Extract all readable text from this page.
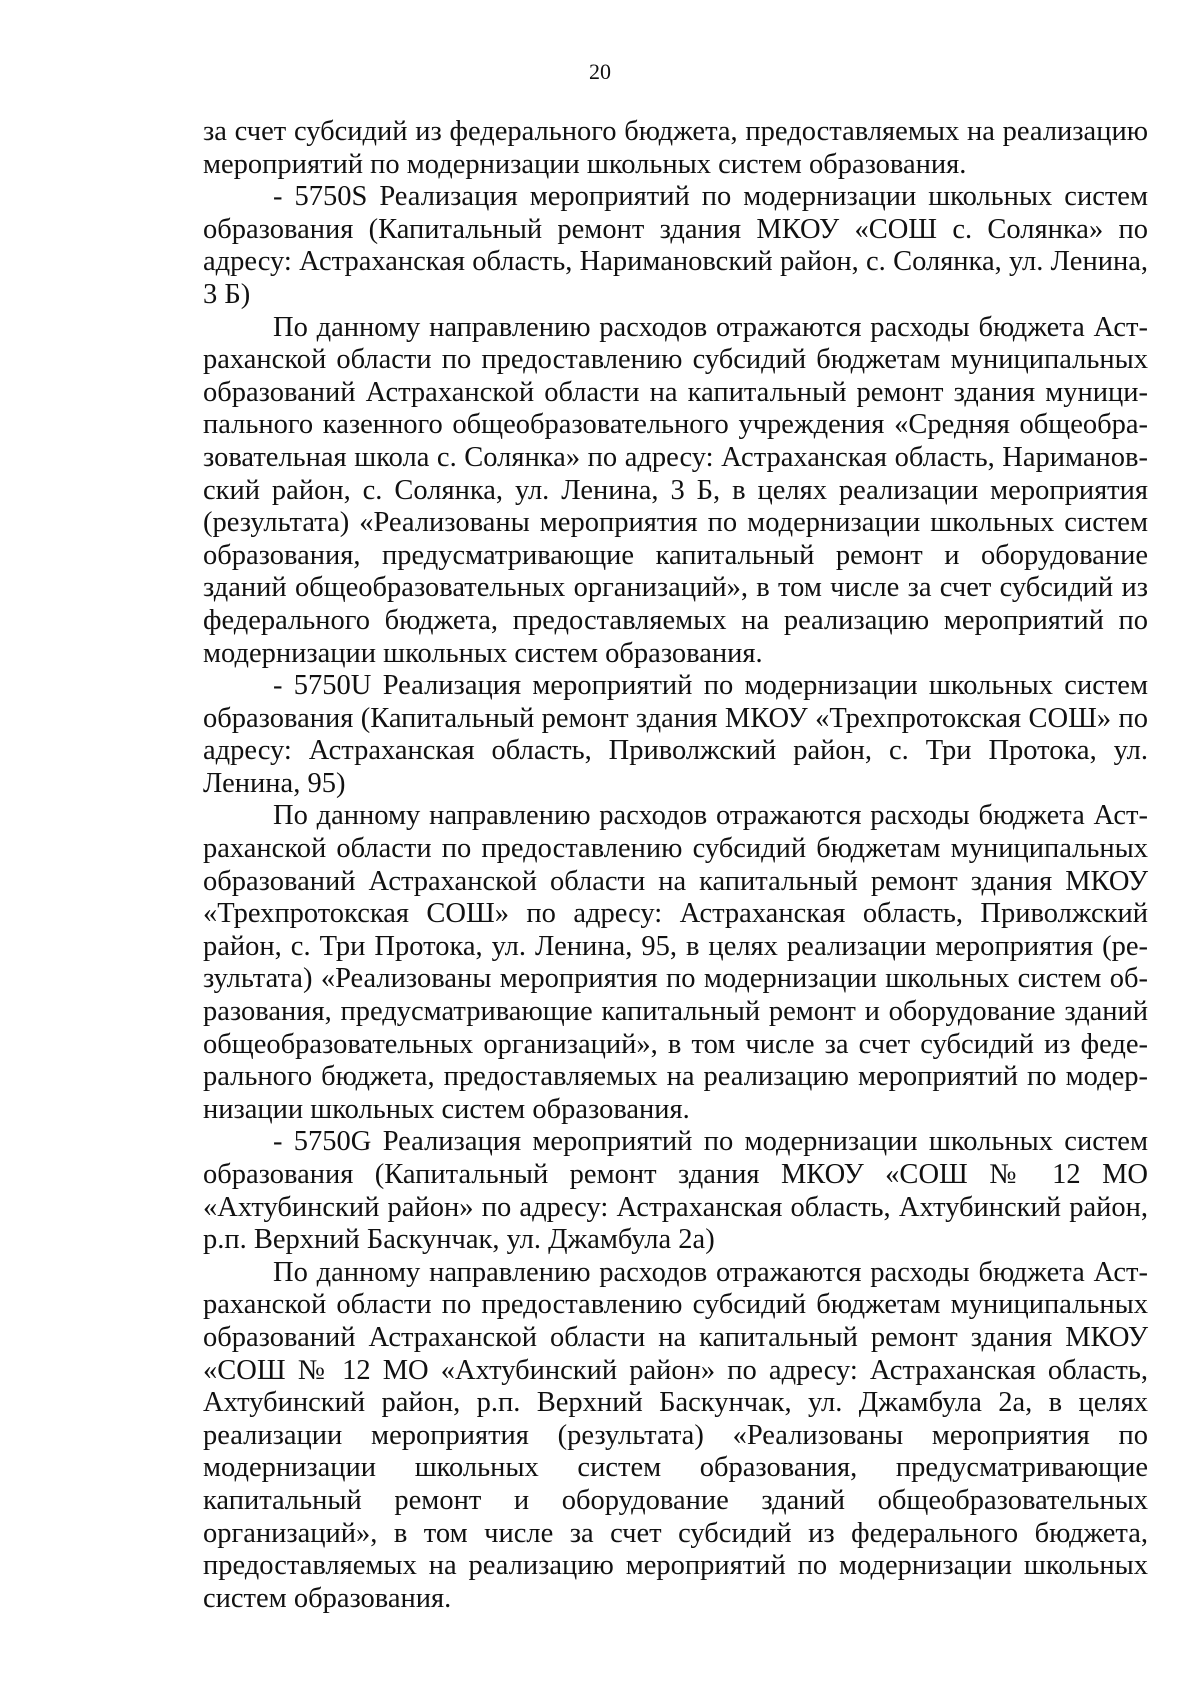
20

за счет субсидий из федерального бюджета, предоставляемых на реализацию мероприятий по модернизации школьных систем образования.

- 5750S Реализация мероприятий по модернизации школьных систем образования (Капитальный ремонт здания МКОУ «СОШ с. Солянка» по адресу: Астраханская область, Наримановский район, с. Солянка, ул. Ленина, 3 Б)

По данному направлению расходов отражаются расходы бюджета Астраханской области по предоставлению субсидий бюджетам муниципальных образований Астраханской области на капитальный ремонт здания муниципального казенного общеобразовательного учреждения «Средняя общеобразовательная школа с. Солянка» по адресу: Астраханская область, Наримановский район, с. Солянка, ул. Ленина, 3 Б, в целях реализации мероприятия (результата) «Реализованы мероприятия по модернизации школьных систем образования, предусматривающие капитальный ремонт и оборудование зданий общеобразовательных организаций», в том числе за счет субсидий из федерального бюджета, предоставляемых на реализацию мероприятий по модернизации школьных систем образования.

- 5750U Реализация мероприятий по модернизации школьных систем образования (Капитальный ремонт здания МКОУ «Трехпротокская СОШ» по адресу: Астраханская область, Приволжский район, с. Три Протока, ул. Ленина, 95)

По данному направлению расходов отражаются расходы бюджета Астраханской области по предоставлению субсидий бюджетам муниципальных образований Астраханской области на капитальный ремонт здания МКОУ «Трехпротокская СОШ» по адресу: Астраханская область, Приволжский район, с. Три Протока, ул. Ленина, 95, в целях реализации мероприятия (результата) «Реализованы мероприятия по модернизации школьных систем образования, предусматривающие капитальный ремонт и оборудование зданий общеобразовательных организаций», в том числе за счет субсидий из федерального бюджета, предоставляемых на реализацию мероприятий по модернизации школьных систем образования.

- 5750G Реализация мероприятий по модернизации школьных систем образования (Капитальный ремонт здания МКОУ «СОШ № 12 МО «Ахтубинский район» по адресу: Астраханская область, Ахтубинский район, р.п. Верхний Баскунчак, ул. Джамбула 2а)

По данному направлению расходов отражаются расходы бюджета Астраханской области по предоставлению субсидий бюджетам муниципальных образований Астраханской области на капитальный ремонт здания МКОУ «СОШ № 12 МО «Ахтубинский район» по адресу: Астраханская область, Ахтубинский район, р.п. Верхний Баскунчак, ул. Джамбула 2а, в целях реализации мероприятия (результата) «Реализованы мероприятия по модернизации школьных систем образования, предусматривающие капитальный ремонт и оборудование зданий общеобразовательных организаций», в том числе за счет субсидий из федерального бюджета, предоставляемых на реализацию мероприятий по модернизации школьных систем образования.
